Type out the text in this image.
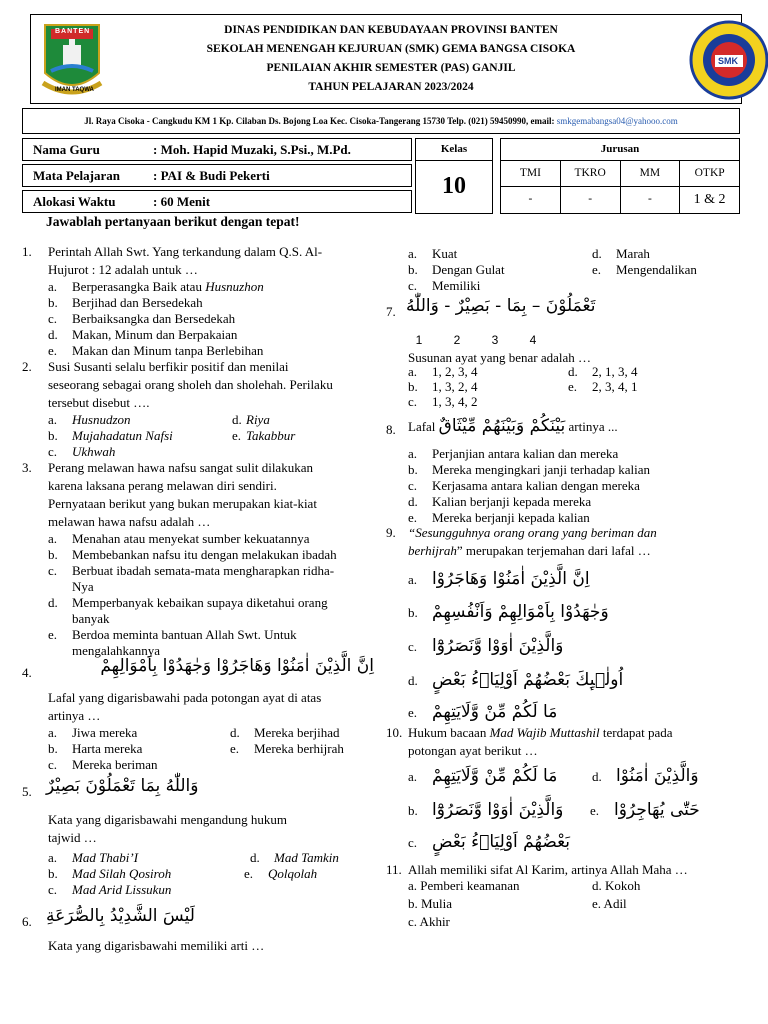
BANTEN
IMAN TAQWA
DINAS PENDIDIKAN DAN KEBUDAYAAN PROVINSI BANTEN
SEKOLAH MENENGAH KEJURUAN (SMK) GEMA BANGSA CISOKA
PENILAIAN AKHIR SEMESTER (PAS) GANJIL
TAHUN PELAJARAN 2023/2024
SMK
Jl. Raya Cisoka - Cangkudu KM 1 Kp. Cilaban Ds. Bojong Loa Kec. Cisoka-Tangerang 15730 Telp. (021) 59450990, email: smkgemabangsa04@yahooo.com
Nama Guru	: Moh. Hapid Muzaki, S.Psi., M.Pd.
Mata Pelajaran	: PAI & Budi Pekerti
Alokasi Waktu	: 60 Menit
Kelas
10
Jurusan
TMI	TKRO	MM	OTKP
-	-	-	1 & 2
Jawablah pertanyaan berikut dengan tepat!
1. Perintah Allah Swt. Yang terkandung dalam Q.S. Al-
Hujurot : 12 adalah untuk …
a. Berperasangka Baik atau Husnuzhon
b. Berjihad dan Bersedekah
c. Berbaiksangka dan Bersedekah
d. Makan, Minum dan Berpakaian
e. Makan dan Minum tanpa Berlebihan
2. Susi Susanti selalu berfikir positif dan menilai
seseorang sebagai orang sholeh dan sholehah. Perilaku
tersebut disebut ….
a. Husnudzon
b. Mujahadatun Nafsi
c. Ukhwah
d. Riya
e. Takabbur
3. Perang melawan hawa nafsu sangat sulit dilakukan
karena laksana perang melawan diri sendiri.
Pernyataan berikut yang bukan merupakan kiat-kiat
melawan hawa nafsu adalah …
a. Menahan atau menyekat sumber kekuatannya
b. Membebankan nafsu itu dengan melakukan ibadah
c. Berbuat ibadah semata-mata mengharapkan ridha-
Nya
d. Memperbanyak kebaikan supaya diketahui orang
banyak
e. Berdoa meminta bantuan Allah Swt. Untuk
mengalahkannya
4.	اِنَّ الَّذِيْنَ اٰمَنُوْا وَهَاجَرُوْا وَجٰهَدُوْا بِاَمْوَالِهِمْ
Lafal yang digarisbawahi pada potongan ayat di atas
artinya …
a. Jiwa mereka
b. Harta mereka
c. Mereka beriman
d. Mereka berjihad
e. Mereka berhijrah
5. وَاللّٰهُ بِمَا تَعْمَلُوْنَ بَصِيْرٌ
Kata yang digarisbawahi mengandung hukum
tajwid …
a. Mad Thabi’I
b. Mad Silah Qosiroh
c. Mad Arid Lissukun
d. Mad Tamkin
e. Qolqolah
6. لَيْسَ الشَّدِيْدُ بِالصُّرَعَةِ
Kata yang digarisbawahi memiliki arti …
a. Kuat
b. Dengan Gulat
c. Memiliki
d. Marah
e. Mengendalikan
7. تَعْمَلُوْنَ – بِمَا - بَصِيْرٌ - وَاللّٰهُ
1	2	3	4
Susunan ayat yang benar adalah …
a. 1, 2, 3, 4
b. 1, 3, 2, 4
c. 1, 3, 4, 2
d. 2, 1, 3, 4
e. 2, 3, 4, 1
8. Lafal بَيْنَكُمْ وَبَيْنَهُمْ مِّيْثَاقٌ artinya ...
a. Perjanjian antara kalian dan mereka
b. Mereka mengingkari janji terhadap kalian
c. Kerjasama antara kalian dengan mereka
d. Kalian berjanji kepada mereka
e. Mereka berjanji kepada kalian
9. “Sesungguhnya orang orang yang beriman dan
berhijrah” merupakan terjemahan dari lafal …
a. اِنَّ الَّذِيْنَ اٰمَنُوْا وَهَاجَرُوْا
b. وَجٰهَدُوْا بِاَمْوَالِهِمْ وَاَنْفُسِهِمْ
c. وَالَّذِيْنَ اٰوَوْا وَّنَصَرُوْٓا
d. اُولٰۤىِٕكَ بَعْضُهُمْ اَوْلِيَاۤءُ بَعْضٍ
e. مَا لَكُمْ مِّنْ وَّلَايَتِهِمْ
10. Hukum bacaan Mad Wajib Muttashil terdapat pada
potongan ayat berikut …
a. مَا لَكُمْ مِّنْ وَّلَايَتِهِمْ
b. وَالَّذِيْنَ اٰوَوْا وَّنَصَرُوْٓا
c. بَعْضُهُمْ اَوْلِيَاۤءُ بَعْضٍ
d. وَالَّذِيْنَ اٰمَنُوْا
e. حَتّٰى يُهَاجِرُوْا
11. Allah memiliki sifat Al Karim, artinya Allah Maha …
a. Pemberi keamanan
b. Mulia
c. Akhir
d. Kokoh
e. Adil
